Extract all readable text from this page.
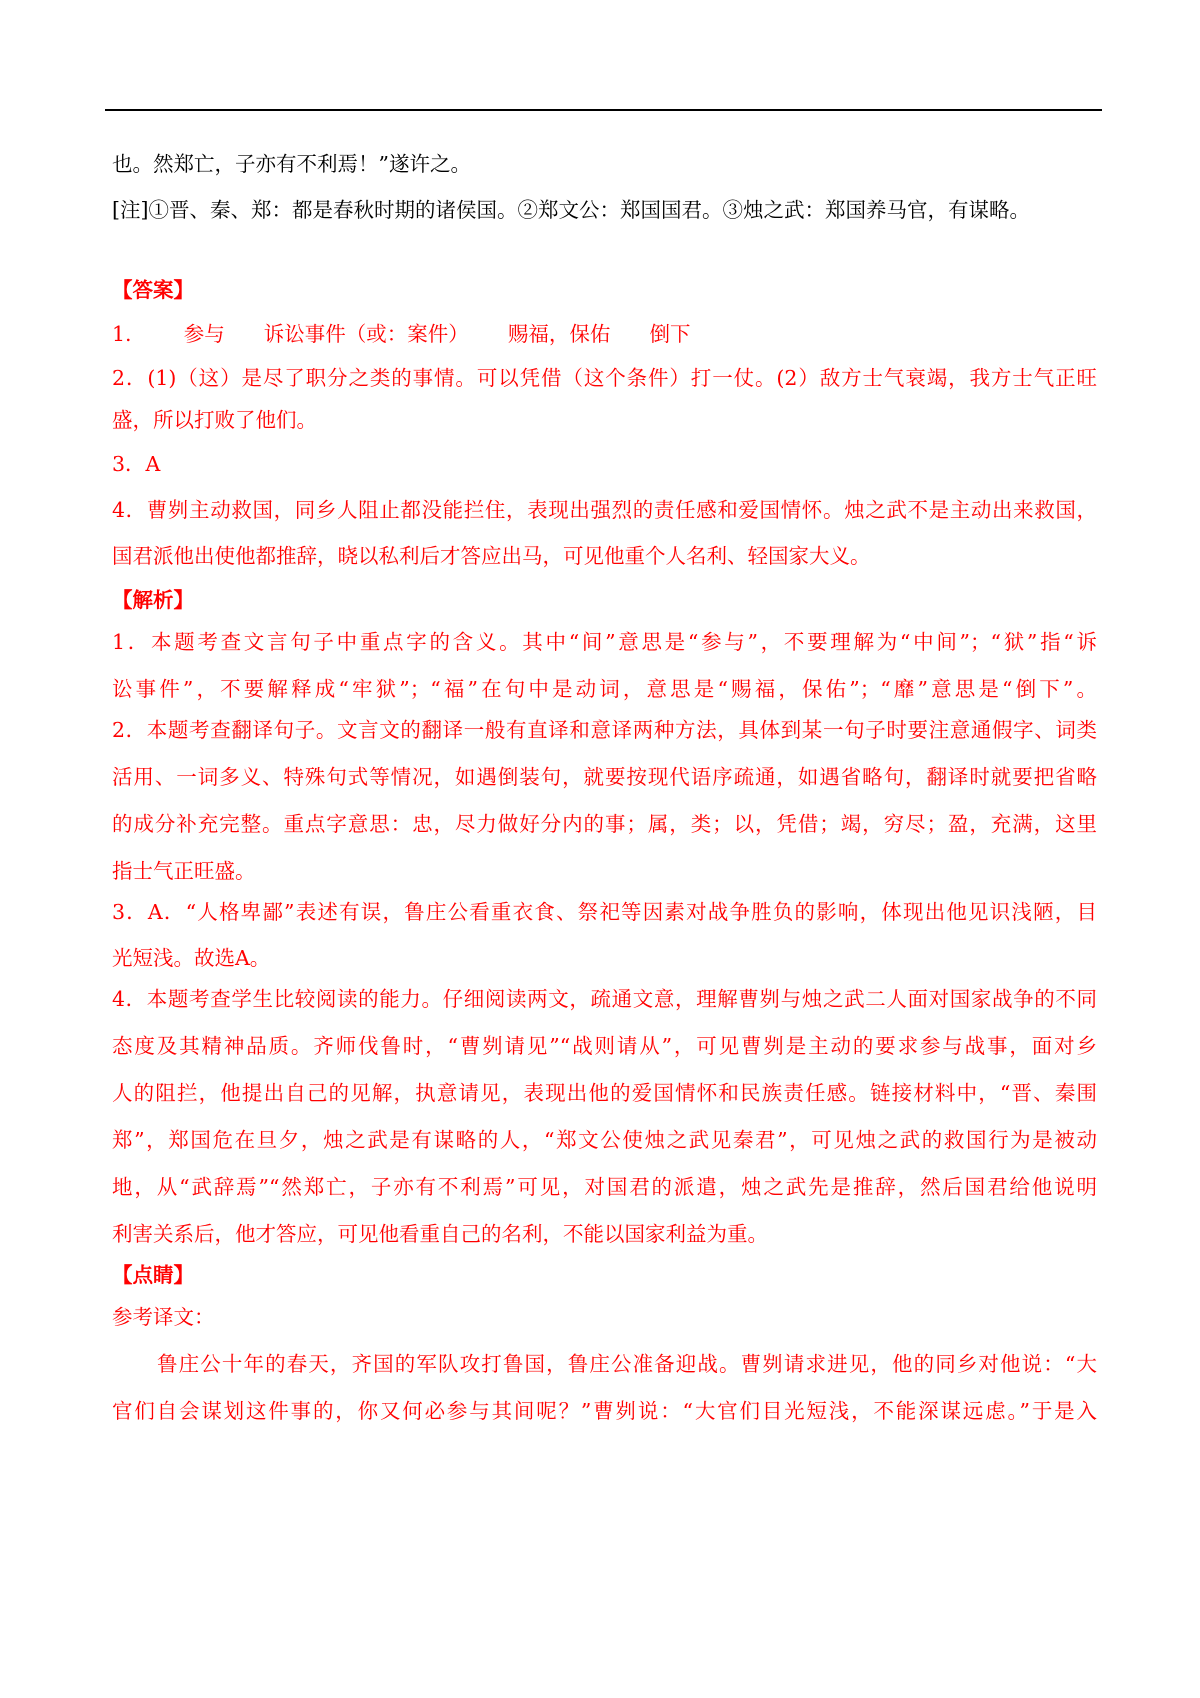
也。然郑亡，子亦有不利焉！”遂许之。

[注]①晋、秦、郑：都是春秋时期的诸侯国。②郑文公：郑国国君。③烛之武：郑国养马官，有谋略。

【答案】

1.        参与      诉讼事件（或：案件）      赐福，保佑      倒下

2．(1)（这）是尽了职分之类的事情。可以凭借（这个条件）打一仗。(2）敌方士气衰竭，我方士气正旺

盛，所以打败了他们。

3．A

4．曹刿主动救国，同乡人阻止都没能拦住，表现出强烈的责任感和爱国情怀。烛之武不是主动出来救国，

国君派他出使他都推辞，晓以私利后才答应出马，可见他重个人名利、轻国家大义。

【解析】

1．本题考查文言句子中重点字的含义。其中“间”意思是“参与”，不要理解为“中间”；“狱”指“诉

讼事件”，不要解释成“牢狱”；“福”在句中是动词，意思是“赐福，保佑”；“靡”意思是“倒下”。

2．本题考查翻译句子。文言文的翻译一般有直译和意译两种方法，具体到某一句子时要注意通假字、词类

活用、一词多义、特殊句式等情况，如遇倒装句，就要按现代语序疏通，如遇省略句，翻译时就要把省略

的成分补充完整。重点字意思：忠，尽力做好分内的事；属，类；以，凭借；竭，穷尽；盈，充满，这里

指士气正旺盛。

3．A．“人格卑鄙”表述有误，鲁庄公看重衣食、祭祀等因素对战争胜负的影响，体现出他见识浅陋，目

光短浅。故选A。

4．本题考查学生比较阅读的能力。仔细阅读两文，疏通文意，理解曹刿与烛之武二人面对国家战争的不同

态度及其精神品质。齐师伐鲁时，“曹刿请见”“战则请从”，可见曹刿是主动的要求参与战事，面对乡

人的阻拦，他提出自己的见解，执意请见，表现出他的爱国情怀和民族责任感。链接材料中，“晋、秦围

郑”，郑国危在旦夕，烛之武是有谋略的人，“郑文公使烛之武见秦君”，可见烛之武的救国行为是被动

地，从“武辞焉”“然郑亡，子亦有不利焉”可见，对国君的派遣，烛之武先是推辞，然后国君给他说明

利害关系后，他才答应，可见他看重自己的名利，不能以国家利益为重。

【点睛】

参考译文：

鲁庄公十年的春天，齐国的军队攻打鲁国，鲁庄公准备迎战。曹刿请求进见，他的同乡对他说：“大

官们自会谋划这件事的，你又何必参与其间呢？”曹刿说：“大官们目光短浅，不能深谋远虑。”于是入
